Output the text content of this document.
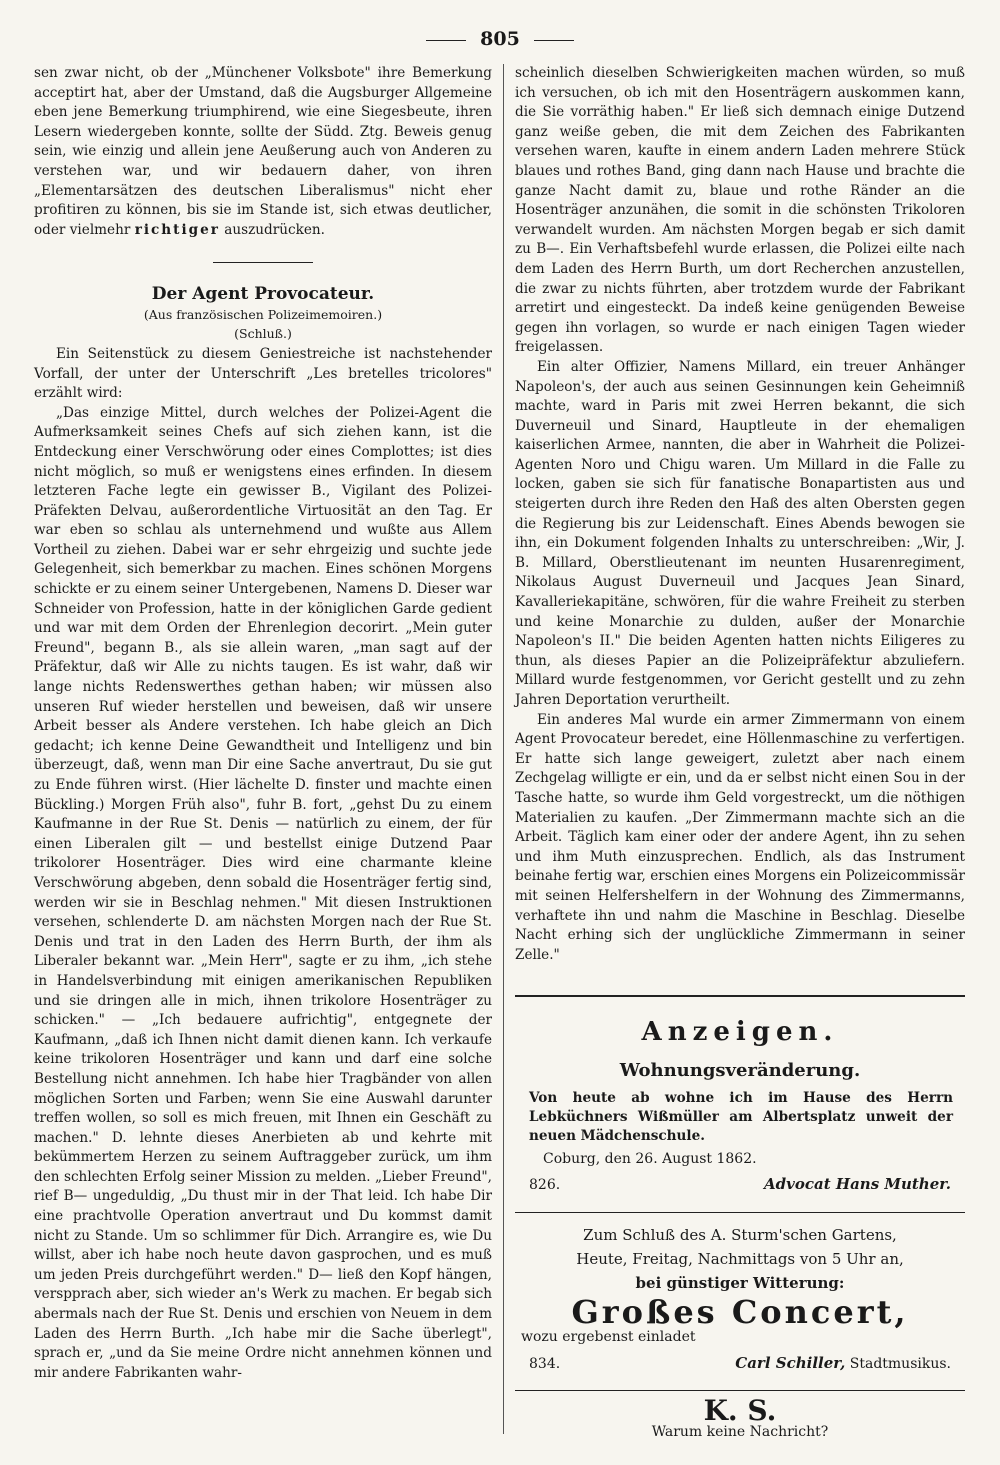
805

sen zwar nicht, ob der „Münchener Volksbote" ihre Bemerkung acceptirt hat, aber der Umstand, daß die Augsburger Allgemeine eben jene Bemerkung triumphirend, wie eine Siegesbeute, ihren Lesern wiedergeben konnte, sollte der Südd. Ztg. Beweis genug sein, wie einzig und allein jene Aeußerung auch von Anderen zu verstehen war, und wir bedauern daher, von ihren „Elementarsätzen des deutschen Liberalismus" nicht eher profitiren zu können, bis sie im Stande ist, sich etwas deutlicher, oder vielmehr richtiger auszudrücken.

Der Agent Provocateur.
(Aus französischen Polizeimemoiren.)
(Schluß.)

Ein Seitenstück zu diesem Geniestreiche ist nachstehender Vorfall, der unter der Unterschrift „Les bretelles tricolores" erzählt wird:

„Das einzige Mittel, durch welches der Polizei-Agent die Aufmerksamkeit seines Chefs auf sich ziehen kann, ist die Entdeckung einer Verschwörung oder eines Complottes; ist dies nicht möglich, so muß er wenigstens eines erfinden. In diesem letzteren Fache legte ein gewisser B., Vigilant des Polizei-Präfekten Delvau, außerordentliche Virtuosität an den Tag. Er war eben so schlau als unternehmend und wußte aus Allem Vortheil zu ziehen. Dabei war er sehr ehrgeizig und suchte jede Gelegenheit, sich bemerkbar zu machen. Eines schönen Morgens schickte er zu einem seiner Untergebenen, Namens D. Dieser war Schneider von Profession, hatte in der königlichen Garde gedient und war mit dem Orden der Ehrenlegion decorirt. „Mein guter Freund", begann B., als sie allein waren, „man sagt auf der Präfektur, daß wir Alle zu nichts taugen. Es ist wahr, daß wir lange nichts Redenswerthes gethan haben; wir müssen also unseren Ruf wieder herstellen und beweisen, daß wir unsere Arbeit besser als Andere verstehen. Ich habe gleich an Dich gedacht; ich kenne Deine Gewandtheit und Intelligenz und bin überzeugt, daß, wenn man Dir eine Sache anvertraut, Du sie gut zu Ende führen wirst. (Hier lächelte D. finster und machte einen Bückling.) Morgen Früh also", fuhr B. fort, „gehst Du zu einem Kaufmanne in der Rue St. Denis — natürlich zu einem, der für einen Liberalen gilt — und bestellst einige Dutzend Paar trikolorer Hosenträger. Dies wird eine charmante kleine Verschwörung abgeben, denn sobald die Hosenträger fertig sind, werden wir sie in Beschlag nehmen." Mit diesen Instruktionen versehen, schlenderte D. am nächsten Morgen nach der Rue St. Denis und trat in den Laden des Herrn Burth, der ihm als Liberaler bekannt war. „Mein Herr", sagte er zu ihm, „ich stehe in Handelsverbindung mit einigen amerikanischen Republiken und sie dringen alle in mich, ihnen trikolore Hosenträger zu schicken." — „Ich bedauere aufrichtig", entgegnete der Kaufmann, „daß ich Ihnen nicht damit dienen kann. Ich verkaufe keine trikoloren Hosenträger und kann und darf eine solche Bestellung nicht annehmen. Ich habe hier Tragbänder von allen möglichen Sorten und Farben; wenn Sie eine Auswahl darunter treffen wollen, so soll es mich freuen, mit Ihnen ein Geschäft zu machen." D. lehnte dieses Anerbieten ab und kehrte mit bekümmertem Herzen zu seinem Auftraggeber zurück, um ihm den schlechten Erfolg seiner Mission zu melden. „Lieber Freund", rief B— ungeduldig, „Du thust mir in der That leid. Ich habe Dir eine prachtvolle Operation anvertraut und Du kommst damit nicht zu Stande. Um so schlimmer für Dich. Arrangire es, wie Du willst, aber ich habe noch heute davon gasprochen, und es muß um jeden Preis durchgeführt werden." D— ließ den Kopf hängen, verspprach aber, sich wieder an's Werk zu machen. Er begab sich abermals nach der Rue St. Denis und erschien von Neuem in dem Laden des Herrn Burth. „Ich habe mir die Sache überlegt", sprach er, „und da Sie meine Ordre nicht annehmen können und mir andere Fabrikanten wahr-

scheinlich dieselben Schwierigkeiten machen würden, so muß ich versuchen, ob ich mit den Hosenträgern auskommen kann, die Sie vorräthig haben." Er ließ sich demnach einige Dutzend ganz weiße geben, die mit dem Zeichen des Fabrikanten versehen waren, kaufte in einem andern Laden mehrere Stück blaues und rothes Band, ging dann nach Hause und brachte die ganze Nacht damit zu, blaue und rothe Ränder an die Hosenträger anzunähen, die somit in die schönsten Trikoloren verwandelt wurden. Am nächsten Morgen begab er sich damit zu B—. Ein Verhaftsbefehl wurde erlassen, die Polizei eilte nach dem Laden des Herrn Burth, um dort Recherchen anzustellen, die zwar zu nichts führten, aber trotzdem wurde der Fabrikant arretirt und eingesteckt. Da indeß keine genügenden Beweise gegen ihn vorlagen, so wurde er nach einigen Tagen wieder freigelassen.

Ein alter Offizier, Namens Millard, ein treuer Anhänger Napoleon's, der auch aus seinen Gesinnungen kein Geheimniß machte, ward in Paris mit zwei Herren bekannt, die sich Duverneuil und Sinard, Hauptleute in der ehemaligen kaiserlichen Armee, nannten, die aber in Wahrheit die Polizei-Agenten Noro und Chigu waren. Um Millard in die Falle zu locken, gaben sie sich für fanatische Bonapartisten aus und steigerten durch ihre Reden den Haß des alten Obersten gegen die Regierung bis zur Leidenschaft. Eines Abends bewogen sie ihn, ein Dokument folgenden Inhalts zu unterschreiben: „Wir, J. B. Millard, Oberstlieutenant im neunten Husarenregiment, Nikolaus August Duverneuil und Jacques Jean Sinard, Kavalleriekapitäne, schwören, für die wahre Freiheit zu sterben und keine Monarchie zu dulden, außer der Monarchie Napoleon's II." Die beiden Agenten hatten nichts Eiligeres zu thun, als dieses Papier an die Polizeipräfektur abzuliefern. Millard wurde festgenommen, vor Gericht gestellt und zu zehn Jahren Deportation verurtheilt.

Ein anderes Mal wurde ein armer Zimmermann von einem Agent Provocateur beredet, eine Höllenmaschine zu verfertigen. Er hatte sich lange geweigert, zuletzt aber nach einem Zechgelag willigte er ein, und da er selbst nicht einen Sou in der Tasche hatte, so wurde ihm Geld vorgestreckt, um die nöthigen Materialien zu kaufen. „Der Zimmermann machte sich an die Arbeit. Täglich kam einer oder der andere Agent, ihn zu sehen und ihm Muth einzusprechen. Endlich, als das Instrument beinahe fertig war, erschien eines Morgens ein Polizeicommissär mit seinen Helfershelfern in der Wohnung des Zimmermanns, verhaftete ihn und nahm die Maschine in Beschlag. Dieselbe Nacht erhing sich der unglückliche Zimmermann in seiner Zelle."

Anzeigen.
Wohnungsveränderung.
Von heute ab wohne ich im Hause des Herrn Lebküchners Wißmüller am Albertsplatz unweit der neuen Mädchenschule.
Coburg, den 26. August 1862.
826.	Advocat Hans Muther.
Zum Schluß des A. Sturm'schen Gartens,
Heute, Freitag, Nachmittags von 5 Uhr an,
bei günstiger Witterung:
Großes Concert,
wozu ergebenst einladet
834.	Carl Schiller, Stadtmusikus.
K. S.
Warum keine Nachricht?
